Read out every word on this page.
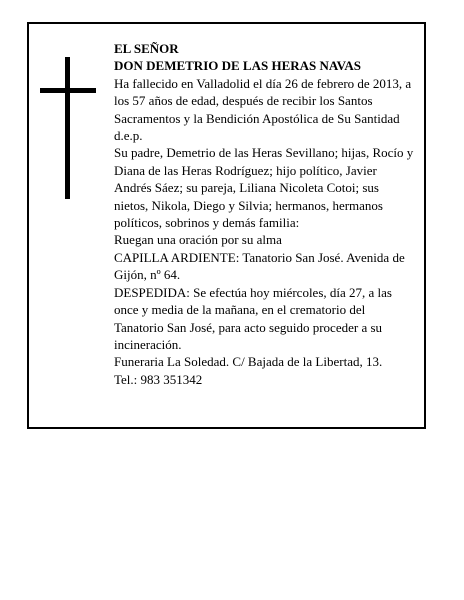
EL SEÑOR

DON DEMETRIO DE LAS HERAS NAVAS

Ha fallecido en Valladolid el día 26 de febrero de 2013, a los 57 años de edad, después de recibir los Santos Sacramentos y la Bendición Apostólica de Su Santidad

d.e.p.

Su padre, Demetrio de las Heras Sevillano; hijas, Rocío y Diana de las Heras Rodríguez; hijo político, Javier Andrés Sáez; su pareja, Liliana Nicoleta Cotoi; sus nietos, Nikola, Diego y Silvia; hermanos, hermanos políticos, sobrinos y demás familia:

Ruegan una oración por su alma

CAPILLA ARDIENTE: Tanatorio San José. Avenida de Gijón, nº 64.

DESPEDIDA: Se efectúa hoy miércoles, día 27, a las once y media de la mañana, en el crematorio del Tanatorio San José, para acto seguido proceder a su incineración.

Funeraria La Soledad. C/ Bajada de la Libertad, 13.

Tel.: 983 351342
